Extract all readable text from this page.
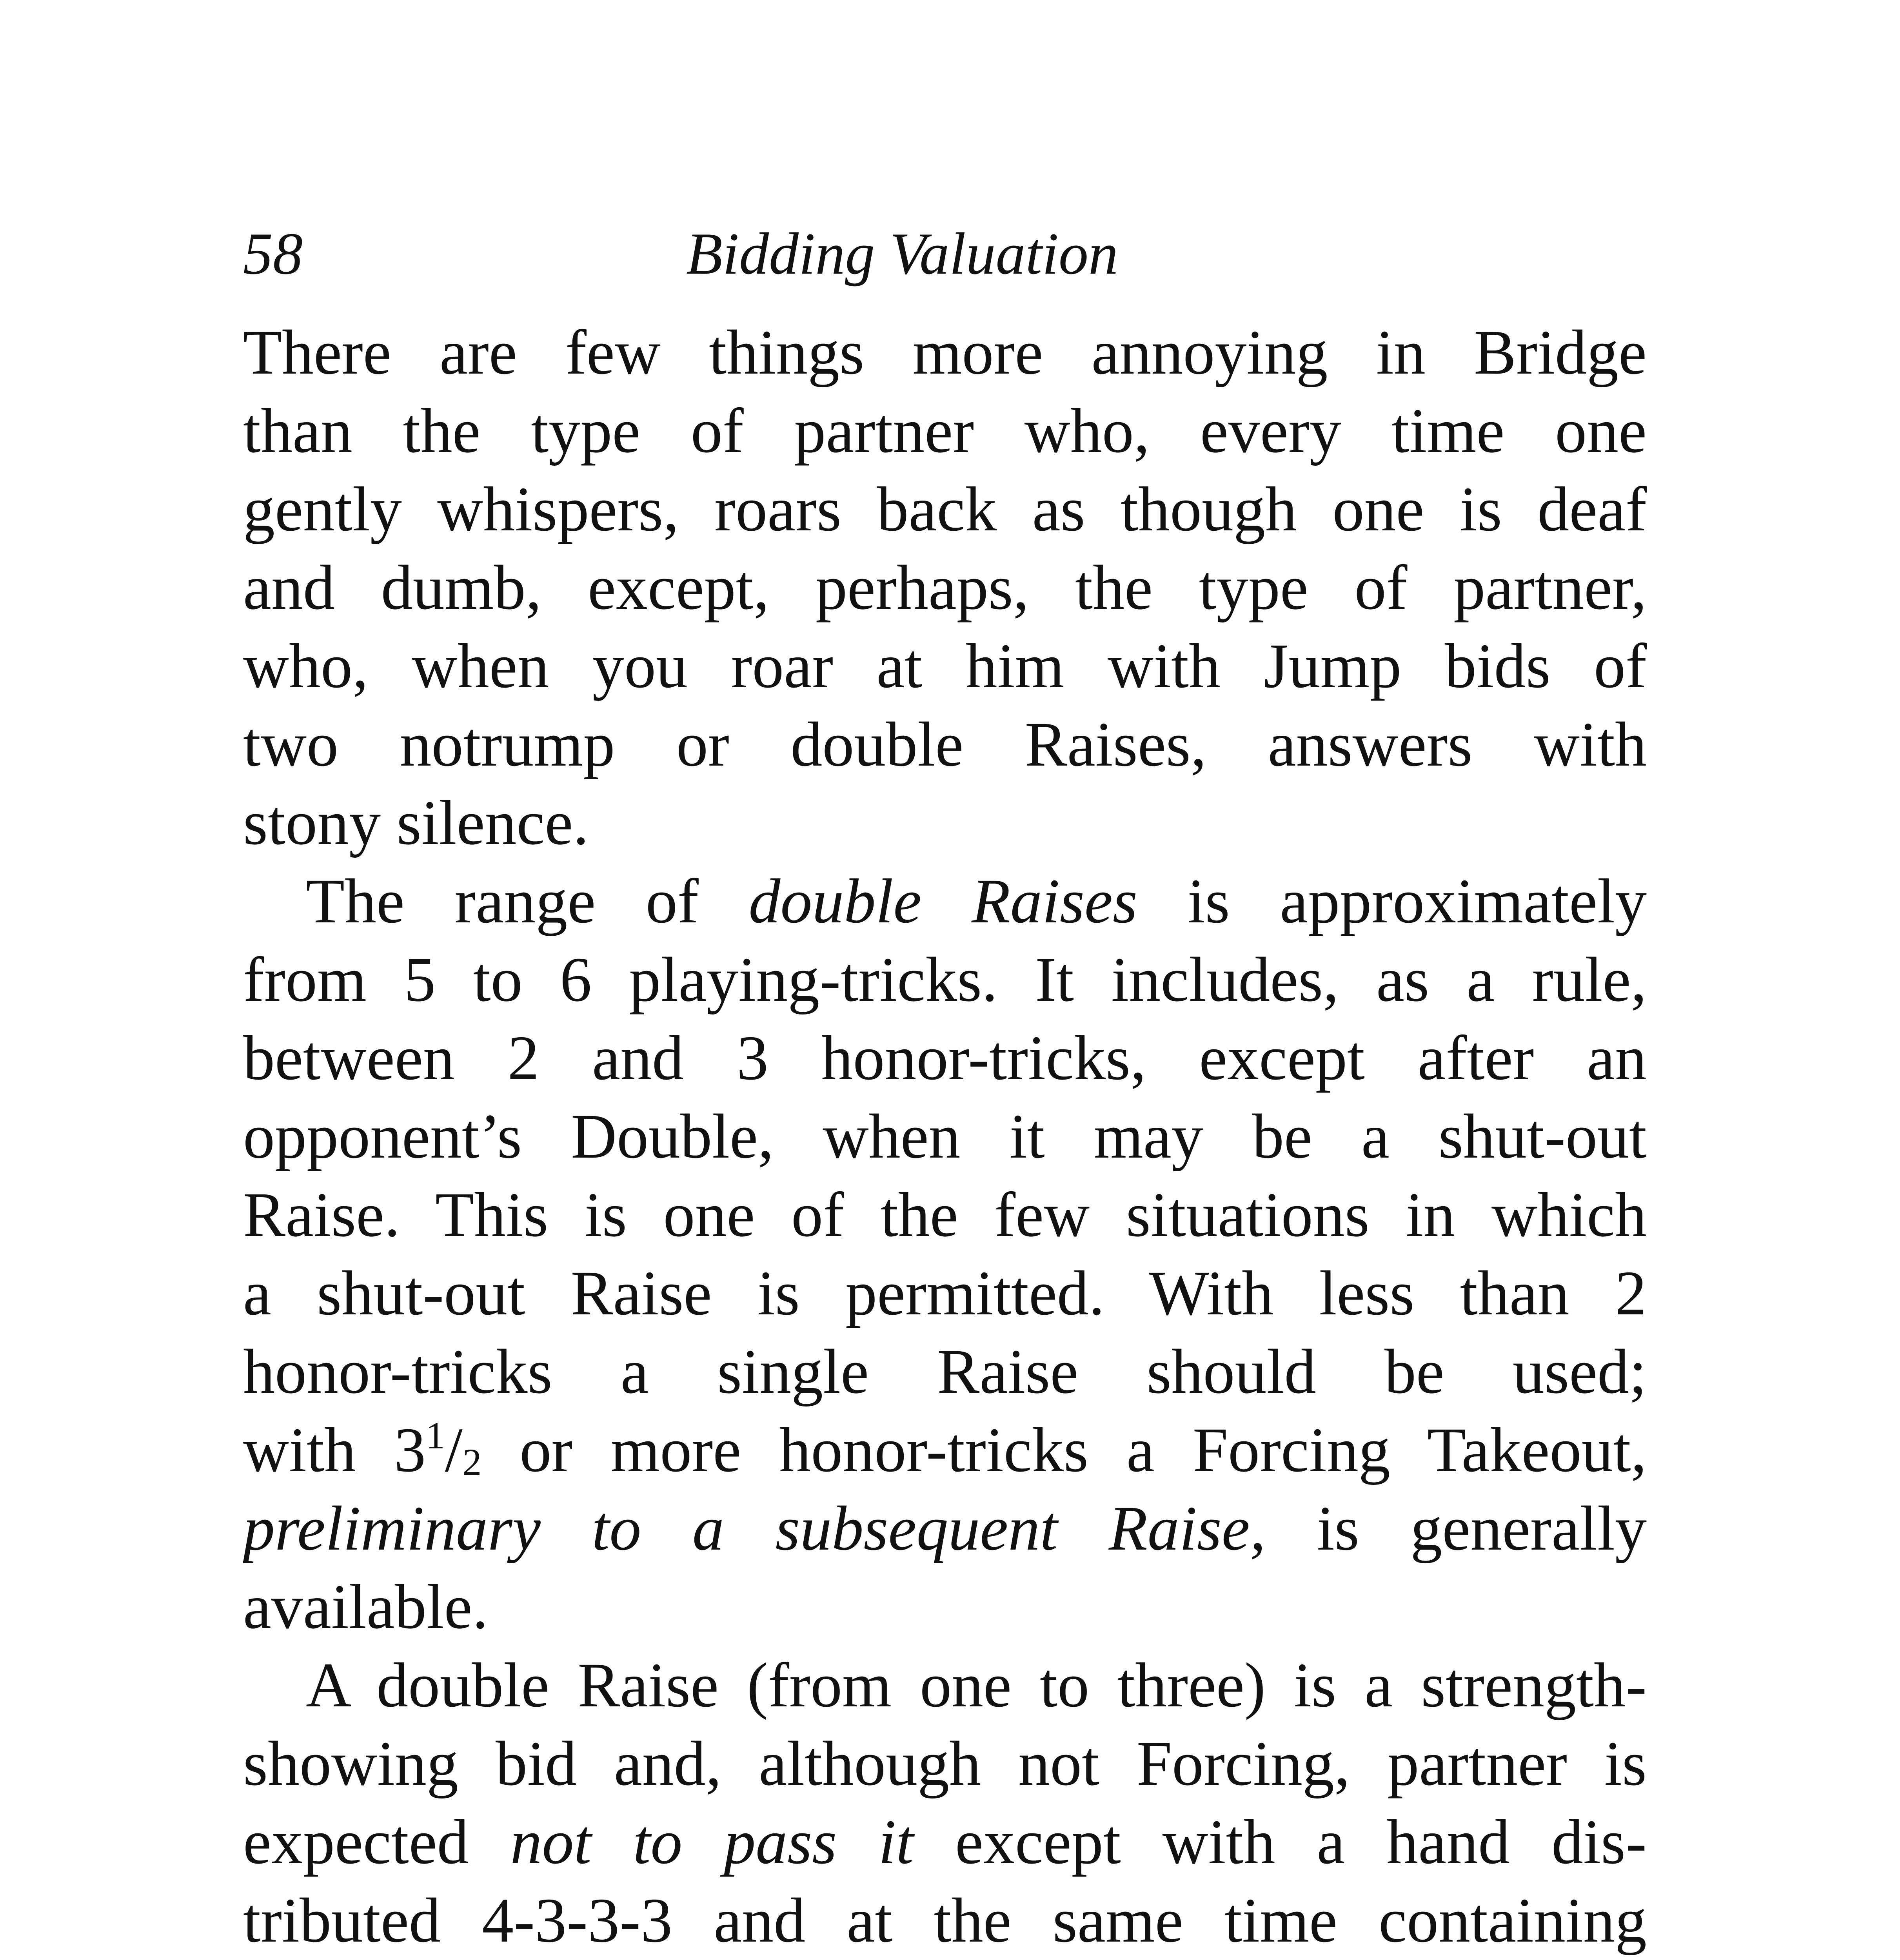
58	Bidding Valuation
There are few things more annoying in Bridge
than the type of partner who, every time one
gently whispers, roars back as though one is deaf
and dumb, except, perhaps, the type of partner,
who, when you roar at him with Jump bids of
two notrump or double Raises, answers with
stony silence.
The range of double Raises is approximately
from 5 to 6 playing-tricks. It includes, as a rule,
between 2 and 3 honor-tricks, except after an
opponent’s Double, when it may be a shut-out
Raise. This is one of the few situations in which
a shut-out Raise is permitted. With less than 2
honor-tricks a single Raise should be used;
with $3^1/_2$ or more honor-tricks a Forcing Takeout,
preliminary to a subsequent Raise, is generally
available.
A double Raise (from one to three) is a strength-
showing bid and, although not Forcing, partner is
expected not to pass it except with a hand dis-
tributed 4-3-3-3 and at the same time containing
